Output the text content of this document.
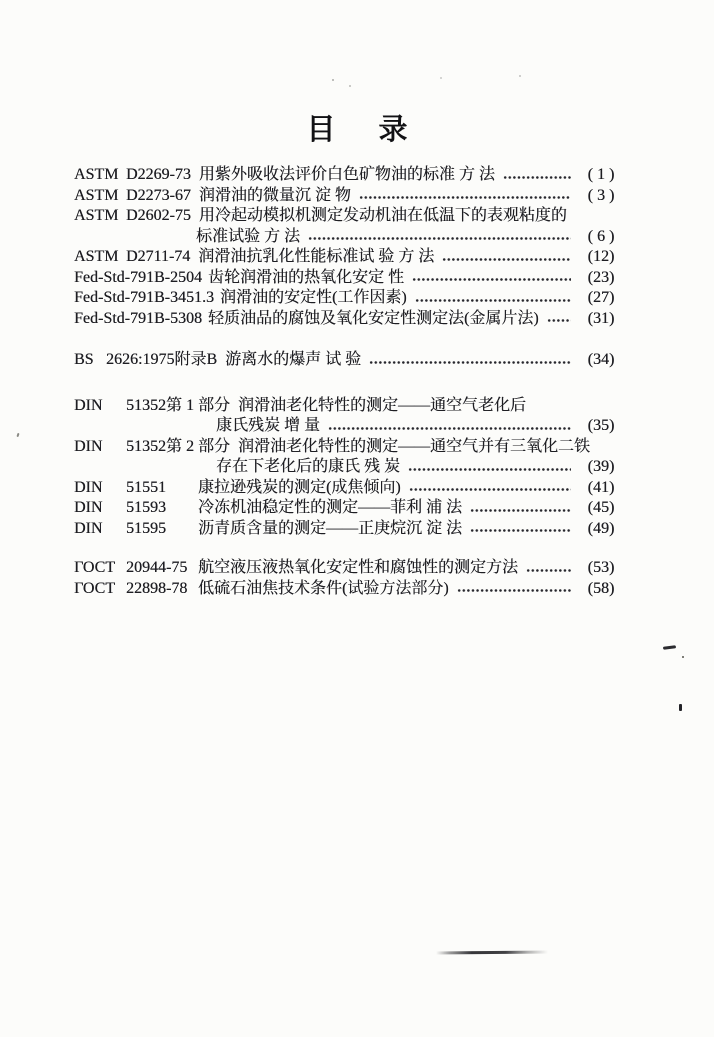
目　录
ASTM D2269-73 用紫外吸收法评价白色矿物油的标准 方 法	( 1 )
ASTM D2273-67 润滑油的微量沉 淀 物	( 3 )
ASTM D2602-75 用冷起动模拟机测定发动机油在低温下的表观粘度的
标准试验 方 法	( 6 )
ASTM D2711-74 润滑油抗乳化性能标准试 验 方 法	(12)
Fed-Std-791B-2504 齿轮润滑油的热氧化安定 性	(23)
Fed-Std-791B-3451.3 润滑油的安定性(工作因素)	(27)
Fed-Std-791B-5308 轻质油品的腐蚀及氧化安定性测定法(金属片法)	(31)
BS 2626:1975附录B 游离水的爆声 试 验	(34)
DIN	51352第 1 部分 润滑油老化特性的测定——通空气老化后
康氏残炭 增 量	(35)
DIN	51352第 2 部分 润滑油老化特性的测定——通空气并有三氧化二铁
存在下老化后的康氏 残 炭	(39)
DIN	51551	康拉逊残炭的测定(成焦倾向)	(41)
DIN	51593	冷冻机油稳定性的测定——菲利 浦 法	(45)
DIN	51595	沥青质含量的测定——正庚烷沉 淀 法	(49)
ГОСТ 20944-75 航空液压液热氧化安定性和腐蚀性的测定方法	(53)
ГОСТ 22898-78 低硫石油焦技术条件(试验方法部分)	(58)
